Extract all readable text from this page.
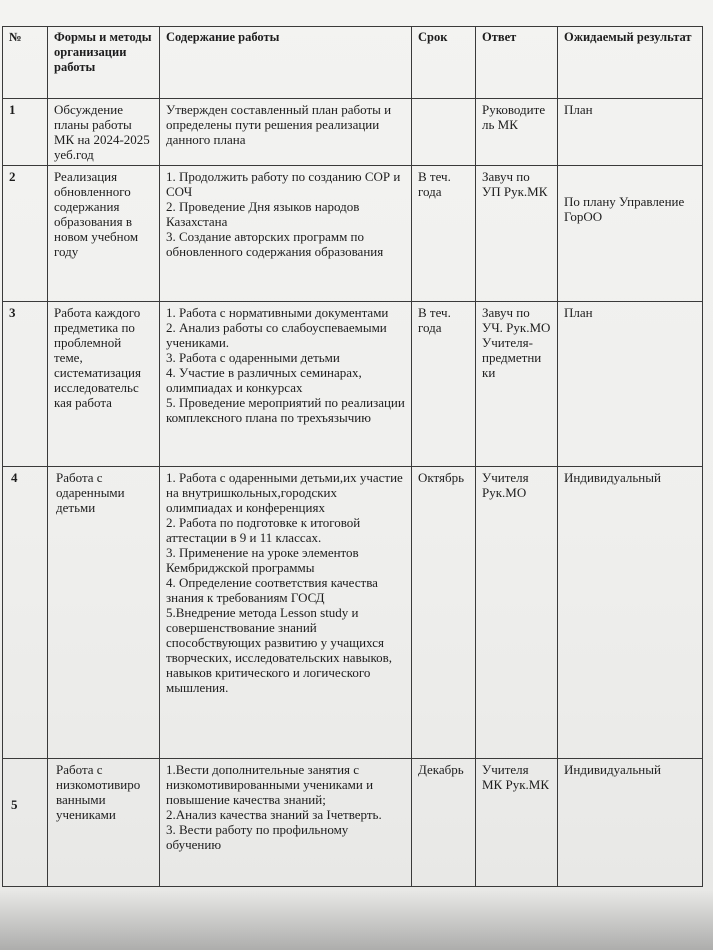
№	Формы и методы организации работы	Содержание работы	Срок	Ответ	Ожидаемый результат
1	Обсуждение планы работы МК на 2024-2025 уеб.год	Утвержден составленный план работы и определены пути решения реализации данного плана		Руководите ль МК	План
2	Реализация обновленного содержания образования в новом учебном году	1. Продолжить работу по созданию СОР и СОЧ
2. Проведение Дня языков народов Казахстана
3. Создание авторских программ по обновленного содержания образования	В теч. года	Завуч по УП Рук.МК	По плану Управление ГорОО
3	Работа каждого предметика по проблемной теме, систематизация исследовательс кая работа	1. Работа с нормативными документами
2. Анализ работы со слабоуспеваемыми учениками.
3. Работа с одаренными детьми
4. Участие в различных семинарах, олимпиадах и конкурсах
5. Проведение мероприятий по реализации комплексного плана по трехъязычию	В теч. года	Завуч по УЧ. Рук.МО Учителя-предметни ки	План
4	Работа с одаренными детьми	1. Работа с одаренными детьми,их участие на внутришкольных,городских олимпиадах и конференциях
2. Работа по подготовке к итоговой аттестации в 9 и 11 классах.
3. Применение на уроке элементов Кембриджской программы
4. Определение соответствия качества знания к требованиям ГОСД
5.Внедрение метода Lesson study и совершенствование знаний способствующих развитию у учащихся творческих, исследовательских навыков, навыков критического и логического мышления.	Октябрь	Учителя Рук.МО	Индивидуальный
5	Работа с низкомотивиро ванными учениками	1.Вести дополнительные занятия с низкомотивированными учениками и повышение качества знаний;
2.Анализ качества знаний за Iчетверть.
3. Вести работу по профильному обучению	Декабрь	Учителя МК Рук.МК	Индивидуальный
